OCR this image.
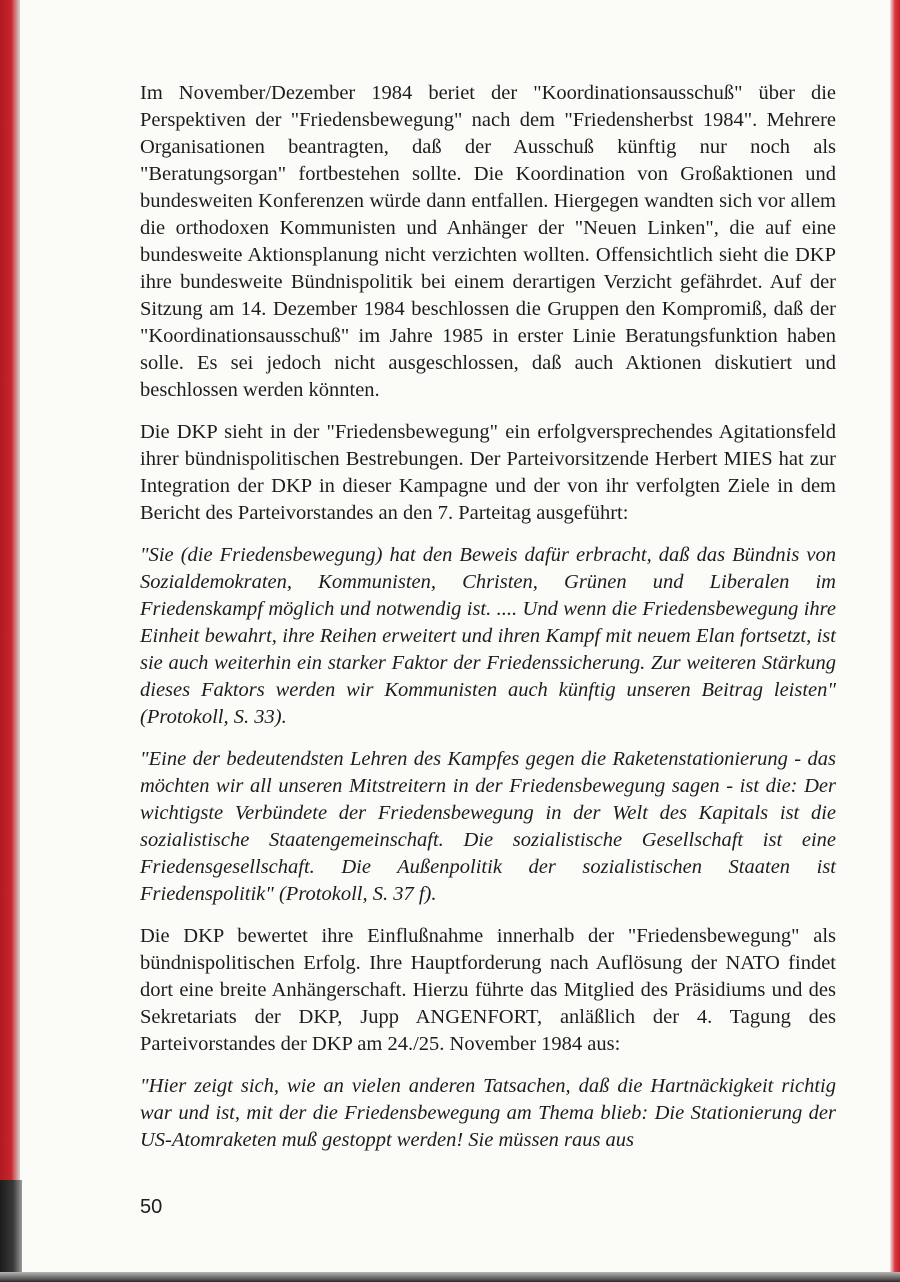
Im November/Dezember 1984 beriet der "Koordinationsausschuß" über die Perspektiven der "Friedensbewegung" nach dem "Friedensherbst 1984". Mehrere Organisationen beantragten, daß der Ausschuß künftig nur noch als "Beratungsorgan" fortbestehen sollte. Die Koordination von Großaktionen und bundesweiten Konferenzen würde dann entfallen. Hiergegen wandten sich vor allem die orthodoxen Kommunisten und Anhänger der "Neuen Linken", die auf eine bundesweite Aktionsplanung nicht verzichten wollten. Offensichtlich sieht die DKP ihre bundesweite Bündnispolitik bei einem derartigen Verzicht gefährdet. Auf der Sitzung am 14. Dezember 1984 beschlossen die Gruppen den Kompromiß, daß der "Koordinationsausschuß" im Jahre 1985 in erster Linie Beratungsfunktion haben solle. Es sei jedoch nicht ausgeschlossen, daß auch Aktionen diskutiert und beschlossen werden könnten.

Die DKP sieht in der "Friedensbewegung" ein erfolgversprechendes Agitationsfeld ihrer bündnispolitischen Bestrebungen. Der Parteivorsitzende Herbert MIES hat zur Integration der DKP in dieser Kampagne und der von ihr verfolgten Ziele in dem Bericht des Parteivorstandes an den 7. Parteitag ausgeführt:

"Sie (die Friedensbewegung) hat den Beweis dafür erbracht, daß das Bündnis von Sozialdemokraten, Kommunisten, Christen, Grünen und Liberalen im Friedenskampf möglich und notwendig ist. .... Und wenn die Friedensbewegung ihre Einheit bewahrt, ihre Reihen erweitert und ihren Kampf mit neuem Elan fortsetzt, ist sie auch weiterhin ein starker Faktor der Friedenssicherung. Zur weiteren Stärkung dieses Faktors werden wir Kommunisten auch künftig unseren Beitrag leisten" (Protokoll, S. 33).

"Eine der bedeutendsten Lehren des Kampfes gegen die Raketenstationierung - das möchten wir all unseren Mitstreitern in der Friedensbewegung sagen - ist die: Der wichtigste Verbündete der Friedensbewegung in der Welt des Kapitals ist die sozialistische Staatengemeinschaft. Die sozialistische Gesellschaft ist eine Friedensgesellschaft. Die Außenpolitik der sozialistischen Staaten ist Friedenspolitik" (Protokoll, S. 37 f).

Die DKP bewertet ihre Einflußnahme innerhalb der "Friedensbewegung" als bündnispolitischen Erfolg. Ihre Hauptforderung nach Auflösung der NATO findet dort eine breite Anhängerschaft. Hierzu führte das Mitglied des Präsidiums und des Sekretariats der DKP, Jupp ANGENFORT, anläßlich der 4. Tagung des Parteivorstandes der DKP am 24./25. November 1984 aus:

"Hier zeigt sich, wie an vielen anderen Tatsachen, daß die Hartnäckigkeit richtig war und ist, mit der die Friedensbewegung am Thema blieb: Die Stationierung der US-Atomraketen muß gestoppt werden! Sie müssen raus aus

50
